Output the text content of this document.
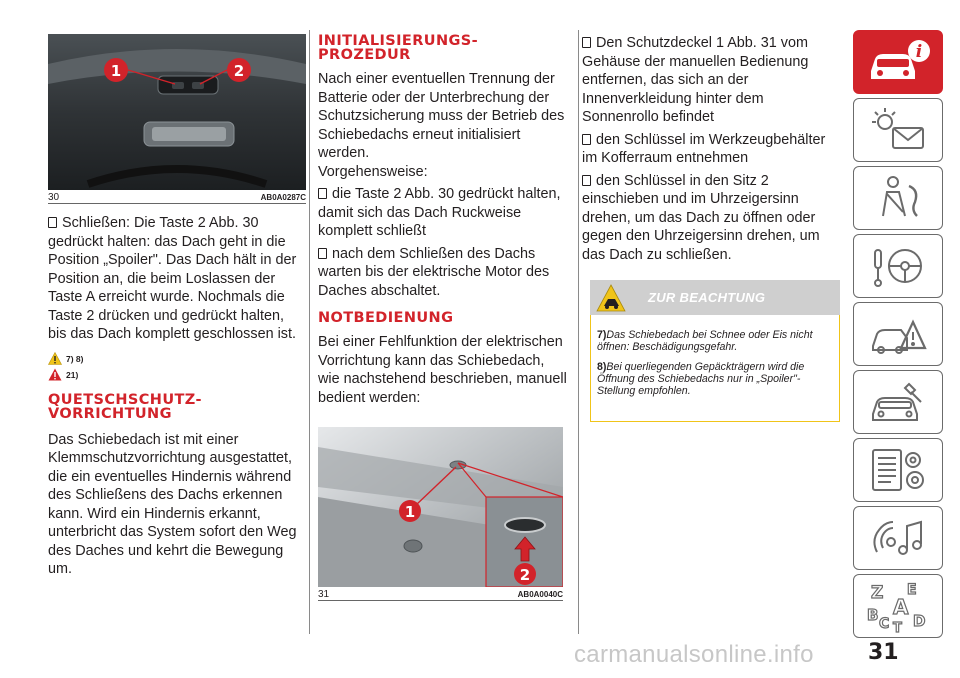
1	2
30	AB0A0287C

Schließen: Die Taste 2 Abb. 30 gedrückt halten: das Dach geht in die Position „Spoiler". Das Dach hält in der Position an, die beim Loslassen der Taste A erreicht wurde. Nochmals die Taste 2 drücken und gedrückt halten, bis das Dach komplett geschlossen ist.

7) 8)
21)
QUETSCHSCHUTZ-
VORRICHTUNG

Das Schiebedach ist mit einer Klemmschutzvorrichtung ausgestattet, die ein eventuelles Hindernis während des Schließens des Dachs erkennen kann. Wird ein Hindernis erkannt, unterbricht das System sofort den Weg des Daches und kehrt die Bewegung um.

INITIALISIERUNGS-
PROZEDUR

Nach einer eventuellen Trennung der Batterie oder der Unterbrechung der Schutzsicherung muss der Betrieb des Schiebedachs erneut initialisiert werden.

Vorgehensweise:

die Taste 2 Abb. 30 gedrückt halten, damit sich das Dach Ruckweise komplett schließt

nach dem Schließen des Dachs warten bis der elektrische Motor des Daches abschaltet.

NOTBEDIENUNG

Bei einer Fehlfunktion der elektrischen Vorrichtung kann das Schiebedach, wie nachstehend beschrieben, manuell bedient werden:

1
2
31	AB0A0040C

Den Schutzdeckel 1 Abb. 31 vom Gehäuse der manuellen Bedienung entfernen, das sich an der Innenverkleidung hinter dem Sonnenrollo befindet

den Schlüssel im Werkzeugbehälter im Kofferraum entnehmen

den Schlüssel in den Sitz 2 einschieben und im Uhrzeigersinn drehen, um das Dach zu öffnen oder gegen den Uhrzeigersinn drehen, um das Dach zu schließen.

ZUR BEACHTUNG

7)Das Schiebedach bei Schnee oder Eis nicht öffnen: Beschädigungsgefahr.

8)Bei querliegenden Gepäckträgern wird die Öffnung des Schiebedachs nur in „Spoiler"-Stellung empfohlen.

i
Z E
A
B C T D
carmanualsonline.info 31
